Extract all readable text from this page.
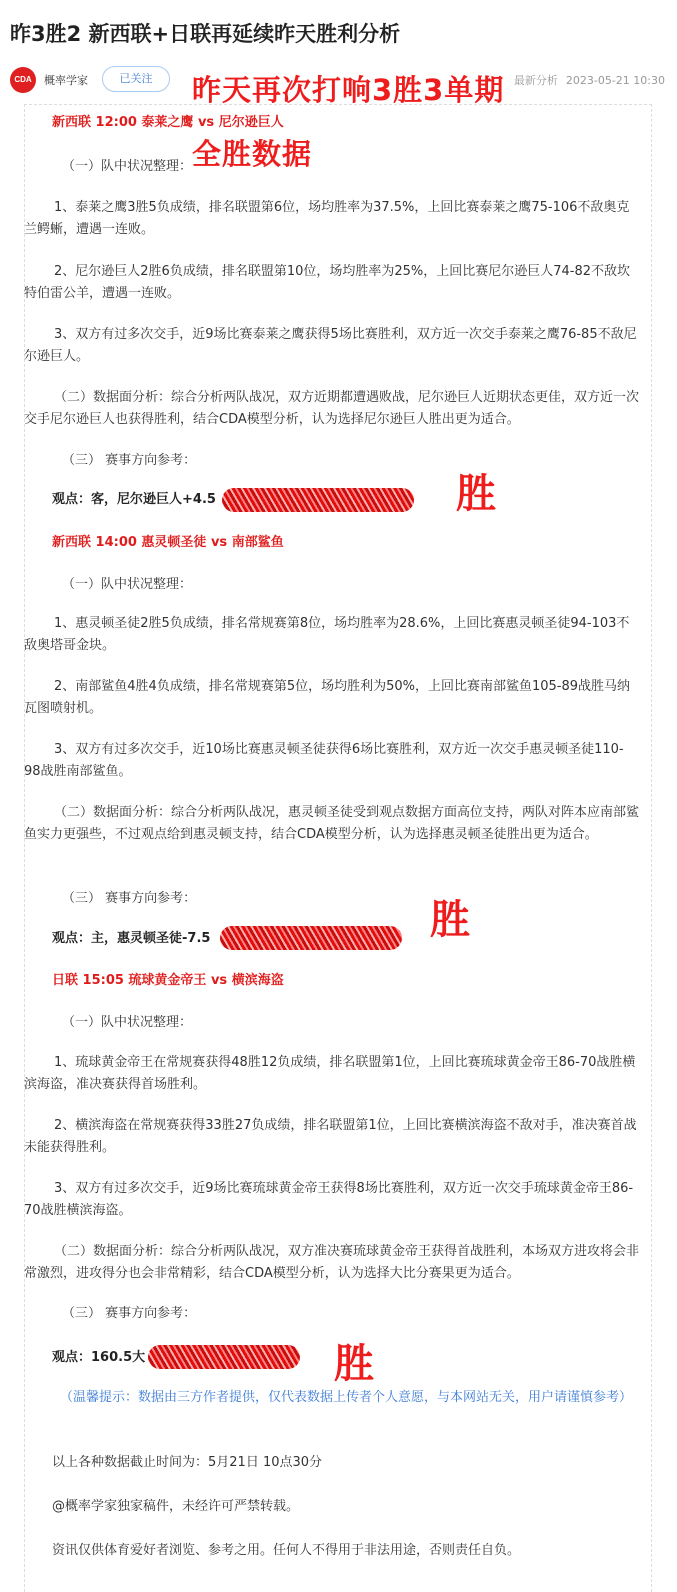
昨3胜2 新西联+日联再延续昨天胜利分析
CDA	概率学家	已关注	最新分析 2023-05-21 10:30
新西联 12:00 泰莱之鹰 vs 尼尔逊巨人
（一）队中状况整理：
1、泰莱之鹰3胜5负成绩，排名联盟第6位，场均胜率为37.5%，上回比赛泰莱之鹰75-106不敌奥克兰鳄蜥，遭遇一连败。
2、尼尔逊巨人2胜6负成绩，排名联盟第10位，场均胜率为25%，上回比赛尼尔逊巨人74-82不敌坎特伯雷公羊，遭遇一连败。
3、双方有过多次交手，近9场比赛泰莱之鹰获得5场比赛胜利，双方近一次交手泰莱之鹰76-85不敌尼尔逊巨人。
（二）数据面分析：综合分析两队战况，双方近期都遭遇败战，尼尔逊巨人近期状态更佳，双方近一次交手尼尔逊巨人也获得胜利，结合CDA模型分析，认为选择尼尔逊巨人胜出更为适合。
（三） 赛事方向参考：
观点：客，尼尔逊巨人+4.5	胜
新西联 14:00 惠灵顿圣徒 vs 南部鲨鱼
（一）队中状况整理：
1、惠灵顿圣徒2胜5负成绩，排名常规赛第8位，场均胜率为28.6%，上回比赛惠灵顿圣徒94-103不敌奥塔哥金块。
2、南部鲨鱼4胜4负成绩，排名常规赛第5位，场均胜利为50%，上回比赛南部鲨鱼105-89战胜马纳瓦图喷射机。
3、双方有过多次交手，近10场比赛惠灵顿圣徒获得6场比赛胜利，双方近一次交手惠灵顿圣徒110-98战胜南部鲨鱼。
（二）数据面分析：综合分析两队战况，惠灵顿圣徒受到观点数据方面高位支持，两队对阵本应南部鲨鱼实力更强些，不过观点给到惠灵顿支持，结合CDA模型分析，认为选择惠灵顿圣徒胜出更为适合。
（三） 赛事方向参考：
观点：主，惠灵顿圣徒-7.5	胜
日联 15:05 琉球黄金帝王 vs 横滨海盗
（一）队中状况整理：
1、琉球黄金帝王在常规赛获得48胜12负成绩，排名联盟第1位，上回比赛琉球黄金帝王86-70战胜横滨海盗，准决赛获得首场胜利。
2、横滨海盗在常规赛获得33胜27负成绩，排名联盟第1位，上回比赛横滨海盗不敌对手，准决赛首战未能获得胜利。
3、双方有过多次交手，近9场比赛琉球黄金帝王获得8场比赛胜利，双方近一次交手琉球黄金帝王86-70战胜横滨海盗。
（二）数据面分析：综合分析两队战况，双方准决赛琉球黄金帝王获得首战胜利，本场双方进攻将会非常激烈，进攻得分也会非常精彩，结合CDA模型分析，认为选择大比分赛果更为适合。
（三） 赛事方向参考：
观点：160.5大	胜
（温馨提示：数据由三方作者提供，仅代表数据上传者个人意愿，与本网站无关，用户请谨慎参考）
以上各种数据截止时间为：5月21日 10点30分
@概率学家独家稿件，未经许可严禁转载。
资讯仅供体育爱好者浏览、参考之用。任何人不得用于非法用途，否则责任自负。
昨天再次打响3胜3单期
全胜数据
